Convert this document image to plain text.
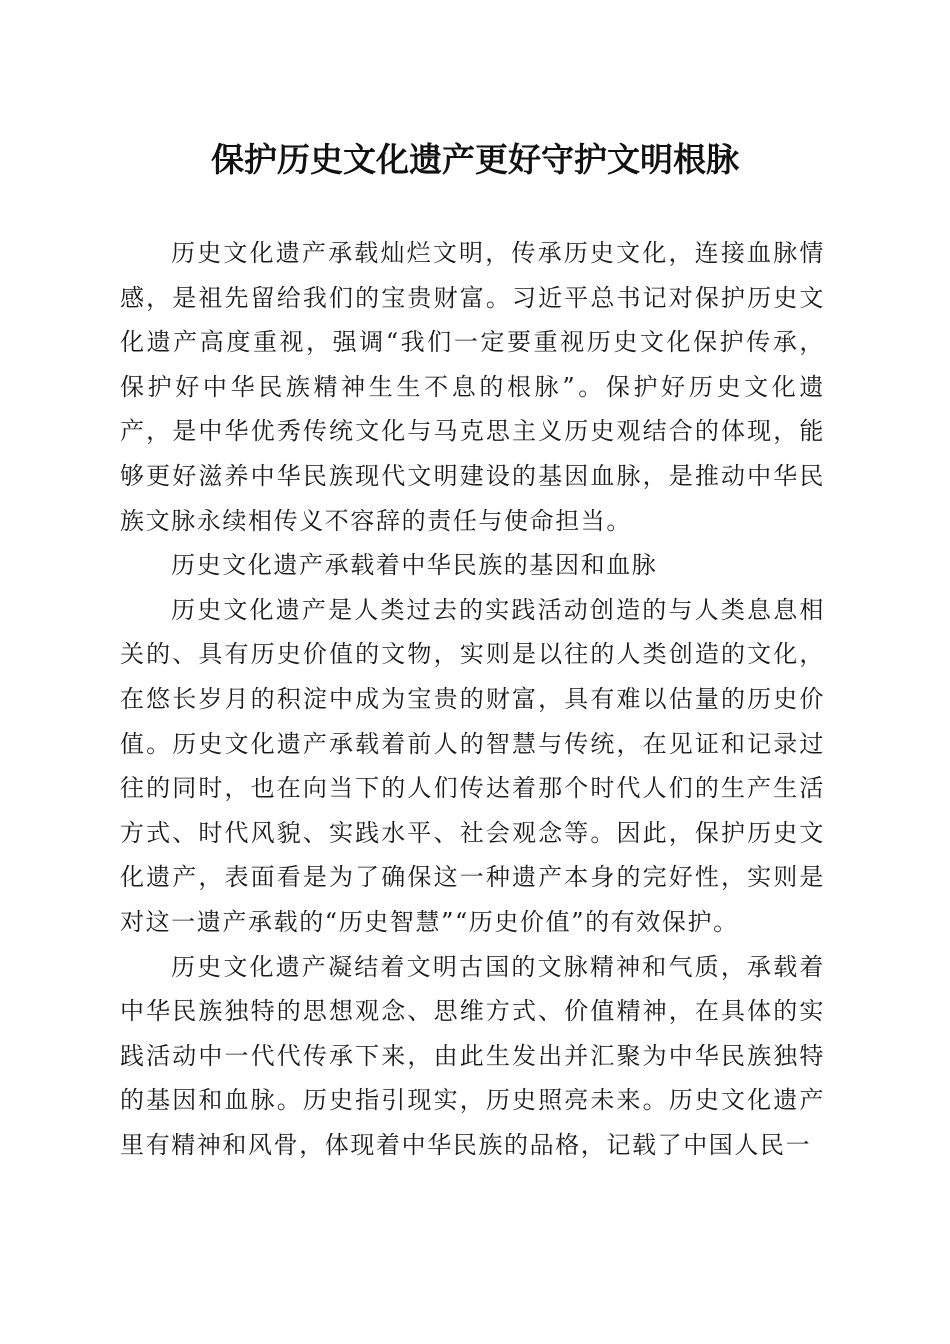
保护历史文化遗产更好守护文明根脉

历史文化遗产承载灿烂文明，传承历史文化，连接血脉情感，是祖先留给我们的宝贵财富。习近平总书记对保护历史文化遗产高度重视，强调“我们一定要重视历史文化保护传承，保护好中华民族精神生生不息的根脉”。保护好历史文化遗产，是中华优秀传统文化与马克思主义历史观结合的体现，能够更好滋养中华民族现代文明建设的基因血脉，是推动中华民族文脉永续相传义不容辞的责任与使命担当。

历史文化遗产承载着中华民族的基因和血脉

历史文化遗产是人类过去的实践活动创造的与人类息息相关的、具有历史价值的文物，实则是以往的人类创造的文化，在悠长岁月的积淀中成为宝贵的财富，具有难以估量的历史价值。历史文化遗产承载着前人的智慧与传统，在见证和记录过往的同时，也在向当下的人们传达着那个时代人们的生产生活方式、时代风貌、实践水平、社会观念等。因此，保护历史文化遗产，表面看是为了确保这一种遗产本身的完好性，实则是对这一遗产承载的“历史智慧”“历史价值”的有效保护。

历史文化遗产凝结着文明古国的文脉精神和气质，承载着中华民族独特的思想观念、思维方式、价值精神，在具体的实践活动中一代代传承下来，由此生发出并汇聚为中华民族独特的基因和血脉。历史指引现实，历史照亮未来。历史文化遗产里有精神和风骨，体现着中华民族的品格，记载了中国人民一
